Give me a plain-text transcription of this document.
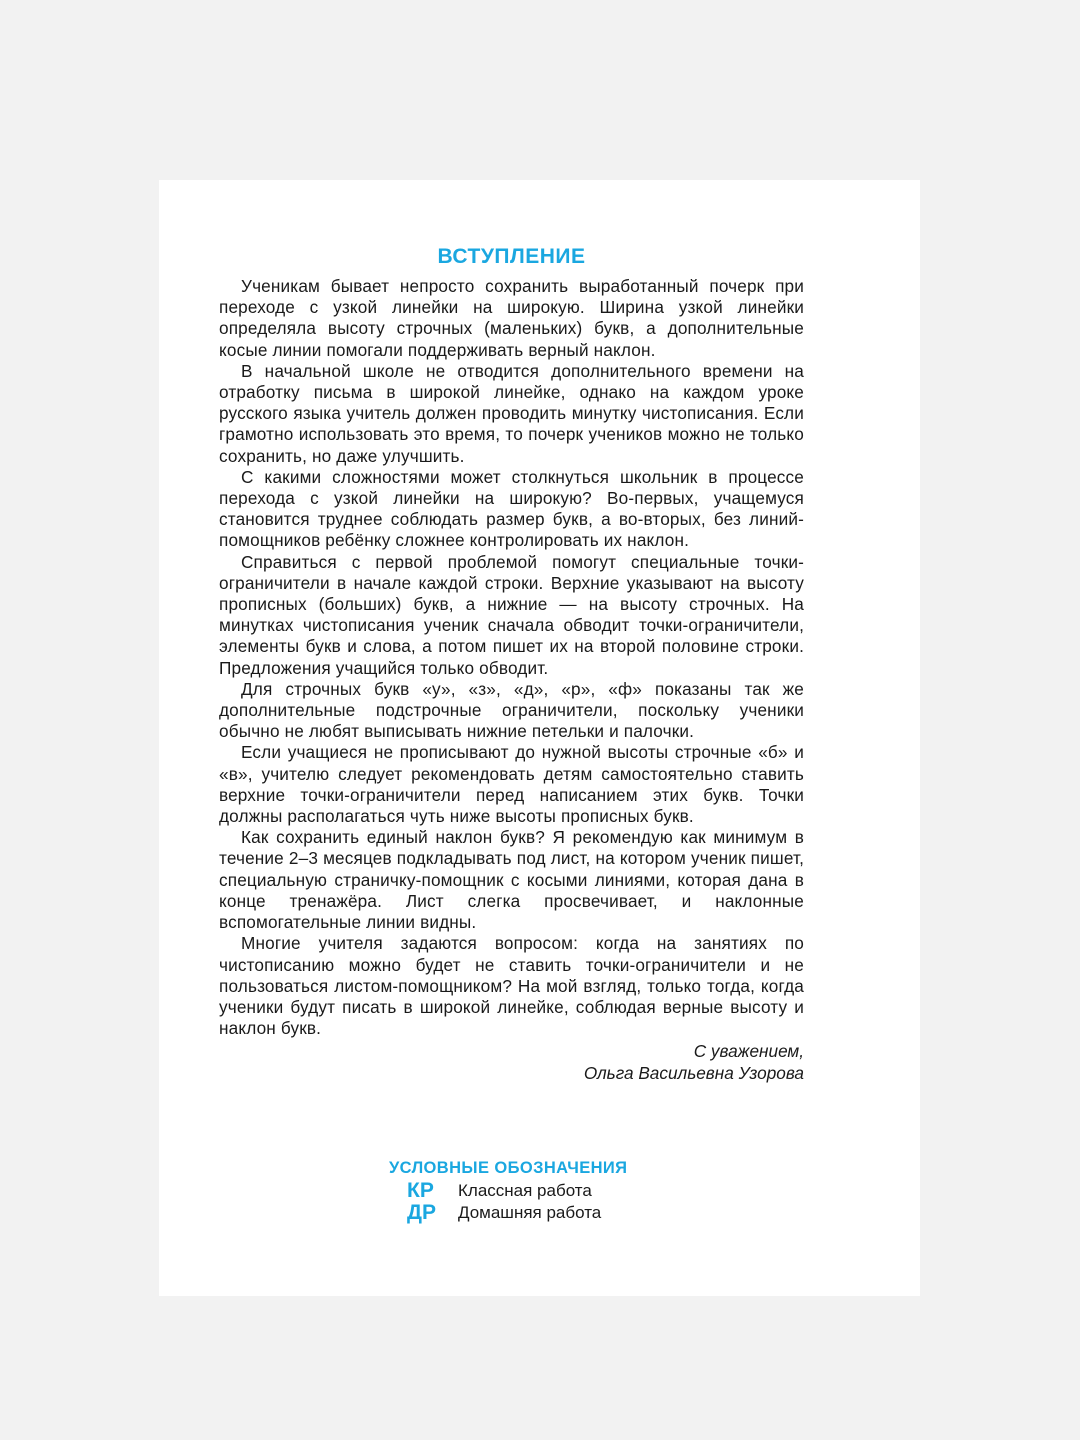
ВСТУПЛЕНИЕ

Ученикам бывает непросто сохранить выработанный почерк при переходе с узкой линейки на широкую. Ширина узкой линейки определяла высоту строчных (маленьких) букв, а дополнительные косые линии помогали поддерживать верный наклон.

В начальной школе не отводится дополнительного времени на отработку письма в широкой линейке, однако на каждом уроке русского языка учитель должен проводить минутку чистописания. Если грамотно использовать это время, то почерк учеников можно не только сохранить, но даже улучшить.

С какими сложностями может столкнуться школьник в процессе перехода с узкой линейки на широкую? Во-первых, учащемуся становится труднее соблюдать размер букв, а во-вторых, без линий-помощников ребёнку сложнее контролировать их наклон.

Справиться с первой проблемой помогут специальные точки-ограничители в начале каждой строки. Верхние указывают на высоту прописных (больших) букв, а нижние — на высоту строчных. На минутках чистописания ученик сначала обводит точки-ограничители, элементы букв и слова, а потом пишет их на второй половине строки. Предложения учащийся только обводит.

Для строчных букв «у», «з», «д», «р», «ф» показаны так же дополнительные подстрочные ограничители, поскольку ученики обычно не любят выписывать нижние петельки и палочки.

Если учащиеся не прописывают до нужной высоты строчные «б» и «в», учителю следует рекомендовать детям самостоятельно ставить верхние точки-ограничители перед написанием этих букв. Точки должны располагаться чуть ниже высоты прописных букв.

Как сохранить единый наклон букв? Я рекомендую как минимум в течение 2–3 месяцев подкладывать под лист, на котором ученик пишет, специальную страничку-помощник с косыми линиями, которая дана в конце тренажёра. Лист слегка просвечивает, и наклонные вспомогательные линии видны.

Многие учителя задаются вопросом: когда на занятиях по чистописанию можно будет не ставить точки-ограничители и не пользоваться листом-помощником? На мой взгляд, только тогда, когда ученики будут писать в широкой линейке, соблюдая верные высоту и наклон букв.

С уважением,
Ольга Васильевна Узорова
УСЛОВНЫЕ ОБОЗНАЧЕНИЯ
КР	Классная работа
ДР	Домашняя работа
